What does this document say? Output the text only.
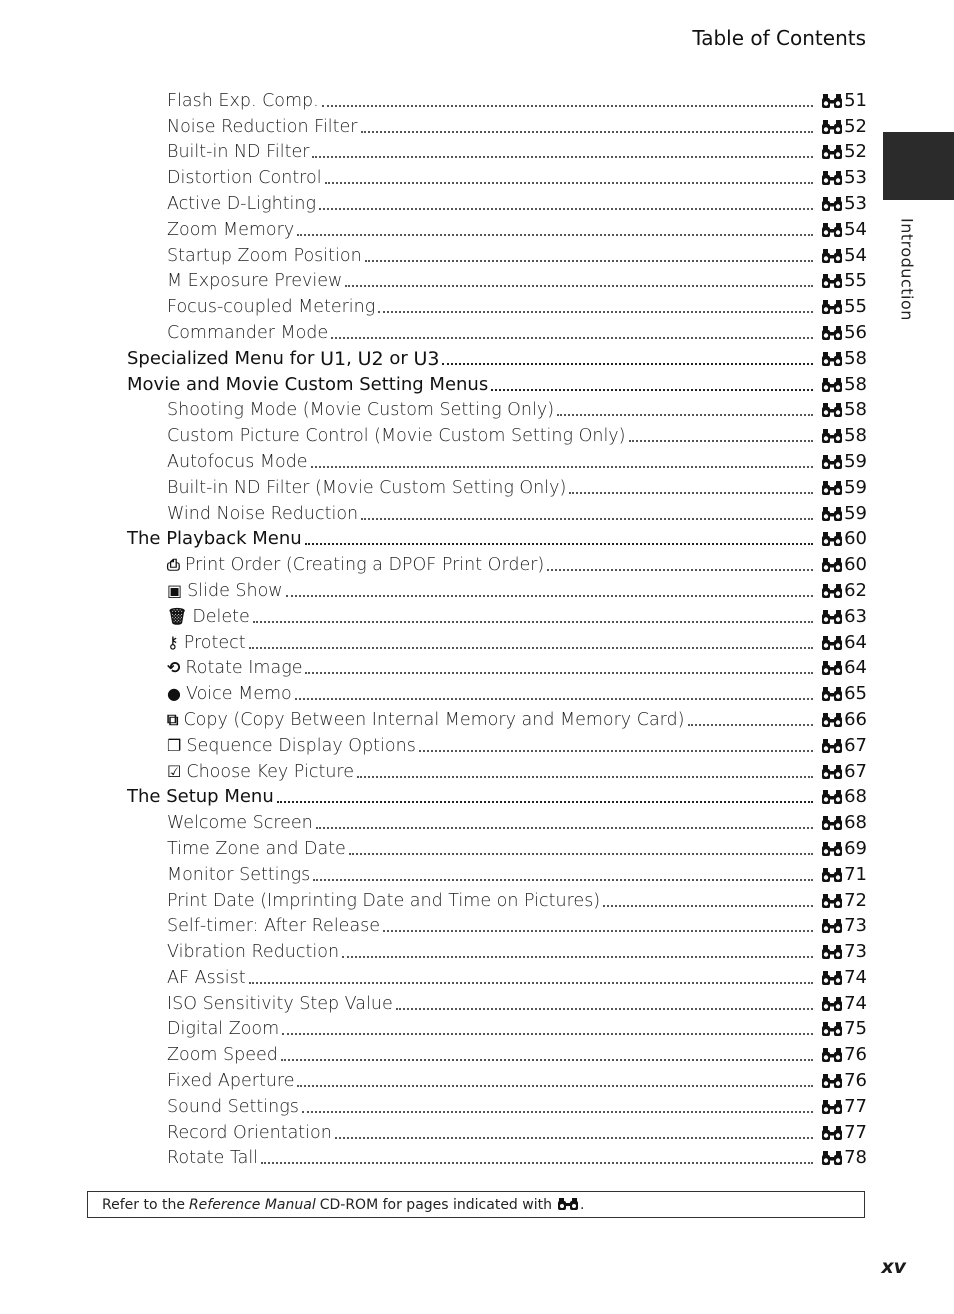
Table of Contents
Introduction
Flash Exp. Comp.	51
Noise Reduction Filter	52
Built-in ND Filter	52
Distortion Control	53
Active D-Lighting	53
Zoom Memory	54
Startup Zoom Position	54
M Exposure Preview	55
Focus-coupled Metering	55
Commander Mode	56
Specialized Menu for U1 , U2 or U3	58
Movie and Movie Custom Setting Menus	58
Shooting Mode (Movie Custom Setting Only)	58
Custom Picture Control (Movie Custom Setting Only)	58
Autofocus Mode	59
Built-in ND Filter (Movie Custom Setting Only)	59
Wind Noise Reduction	59
The Playback Menu	60
⎙ Print Order (Creating a DPOF Print Order)	60
▣ Slide Show	62
🗑 Delete	63
⚷ Protect	64
⟲ Rotate Image	64
● Voice Memo	65
⧉ Copy (Copy Between Internal Memory and Memory Card)	66
❐ Sequence Display Options	67
☑ Choose Key Picture	67
The Setup Menu	68
Welcome Screen	68
Time Zone and Date	69
Monitor Settings	71
Print Date (Imprinting Date and Time on Pictures)	72
Self-timer: After Release	73
Vibration Reduction	73
AF Assist	74
ISO Sensitivity Step Value	74
Digital Zoom	75
Zoom Speed	76
Fixed Aperture	76
Sound Settings	77
Record Orientation	77
Rotate Tall	78
Refer to the Reference Manual CD-ROM for pages indicated with .
xv
